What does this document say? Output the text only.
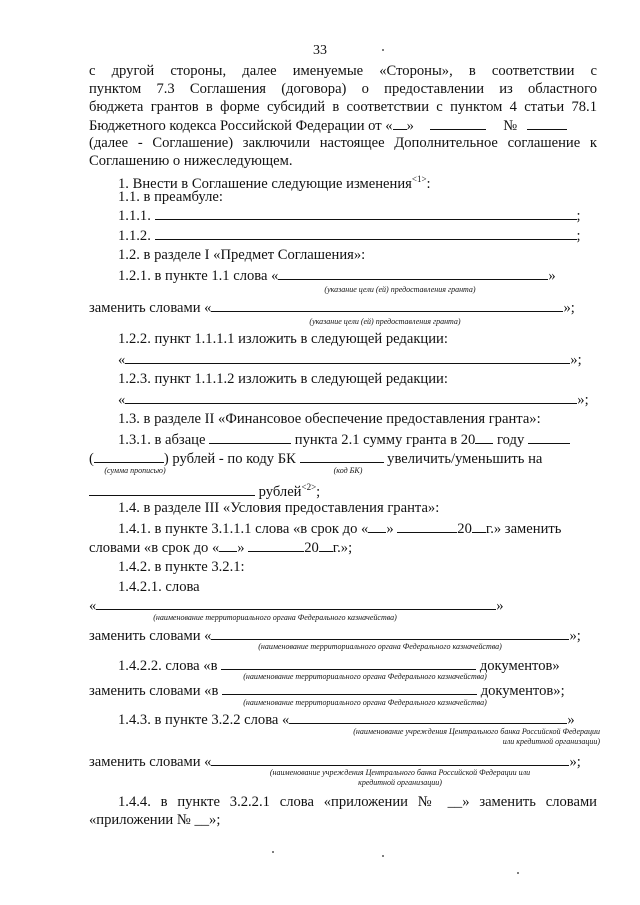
33
с другой стороны, далее именуемые «Стороны», в соответствии с
пунктом 7.3 Соглашения (договора) о предоставлении из областного
бюджета грантов в форме субсидий в соответствии с пунктом 4 статьи 78.1
Бюджетного кодекса Российской Федерации от « »	№
(далее - Соглашение) заключили настоящее Дополнительное соглашение к
Соглашению о нижеследующем.
1. Внести в Соглашение следующие изменения$^{<1>}$:
1.1. в преамбуле:
1.1.1.	;
1.1.2.	;
1.2. в разделе I «Предмет Соглашения»:
1.2.1. в пункте 1.1 слова «	»
(указание цели (ей) предоставления гранта)
заменить словами «	»;
(указание цели (ей) предоставления гранта)
1.2.2. пункт 1.1.1.1 изложить в следующей редакции:
«	»;
1.2.3. пункт 1.1.1.2 изложить в следующей редакции:
«	»;
1.3. в разделе II «Финансовое обеспечение предоставления гранта»:
1.3.1. в абзаце	пункта 2.1 сумму гранта в 20 году
(	) рублей - по коду БК	увеличить/уменьшить на
(сумма прописью)	(код БК)
рублей$^{<2>}$;
1.4. в разделе III «Условия предоставления гранта»:
1.4.1. в пункте 3.1.1.1 слова «в срок до « »	20 г.» заменить
словами «в срок до « »	20 г.»;
1.4.2. в пункте 3.2.1:
1.4.2.1. слова
«	»
(наименование территориального органа Федерального казначейства)
заменить словами «	»;
(наименование территориального органа Федерального казначейства)
1.4.2.2. слова «в	документов»
(наименование территориального органа Федерального казначейства)
заменить словами «в	документов»;
(наименование территориального органа Федерального казначейства)
1.4.3. в пункте 3.2.2 слова «	»
(наименование учреждения Центрального банка Российской Федерации
или кредитной организации)
заменить словами «	»;
(наименование учреждения Центрального банка Российской Федерации или
кредитной организации)
1.4.4. в пункте 3.2.2.1 слова «приложении № __» заменить словами
«приложении № __»;
